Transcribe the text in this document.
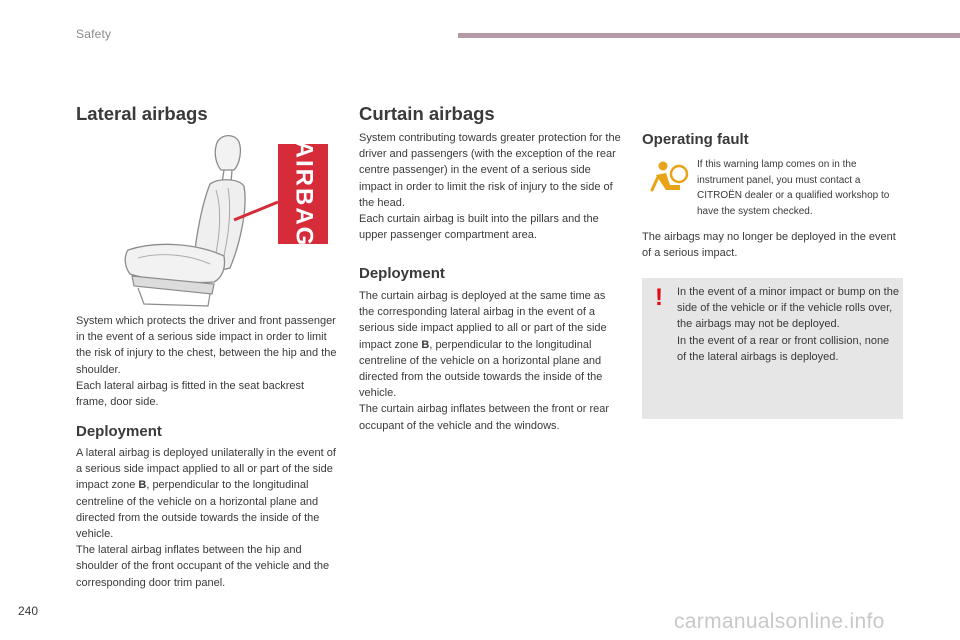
Safety
Lateral airbags
AIRBAG

System which protects the driver and front passenger in the event of a serious side impact in order to limit the risk of injury to the chest, between the hip and the shoulder.

Each lateral airbag is fitted in the seat backrest frame, door side.

Deployment

A lateral airbag is deployed unilaterally in the event of a serious side impact applied to all or part of the side impact zone B, perpendicular to the longitudinal centreline of the vehicle on a horizontal plane and directed from the outside towards the inside of the vehicle.

The lateral airbag inflates between the hip and shoulder of the front occupant of the vehicle and the corresponding door trim panel.

Curtain airbags

System contributing towards greater protection for the driver and passengers (with the exception of the rear centre passenger) in the event of a serious side impact in order to limit the risk of injury to the side of the head.

Each curtain airbag is built into the pillars and the upper passenger compartment area.

Deployment

The curtain airbag is deployed at the same time as the corresponding lateral airbag in the event of a serious side impact applied to all or part of the side impact zone B, perpendicular to the longitudinal centreline of the vehicle on a horizontal plane and directed from the outside towards the inside of the vehicle.

The curtain airbag inflates between the front or rear occupant of the vehicle and the windows.

Operating fault
If this warning lamp comes on in the instrument panel, you must contact a CITROËN dealer or a qualified workshop to have the system checked.
The airbags may no longer be deployed in the event of a serious impact.
! In the event of a minor impact or bump on the side of the vehicle or if the vehicle rolls over, the airbags may not be deployed.

In the event of a rear or front collision, none of the lateral airbags is deployed.

240	carmanualsonline.info
